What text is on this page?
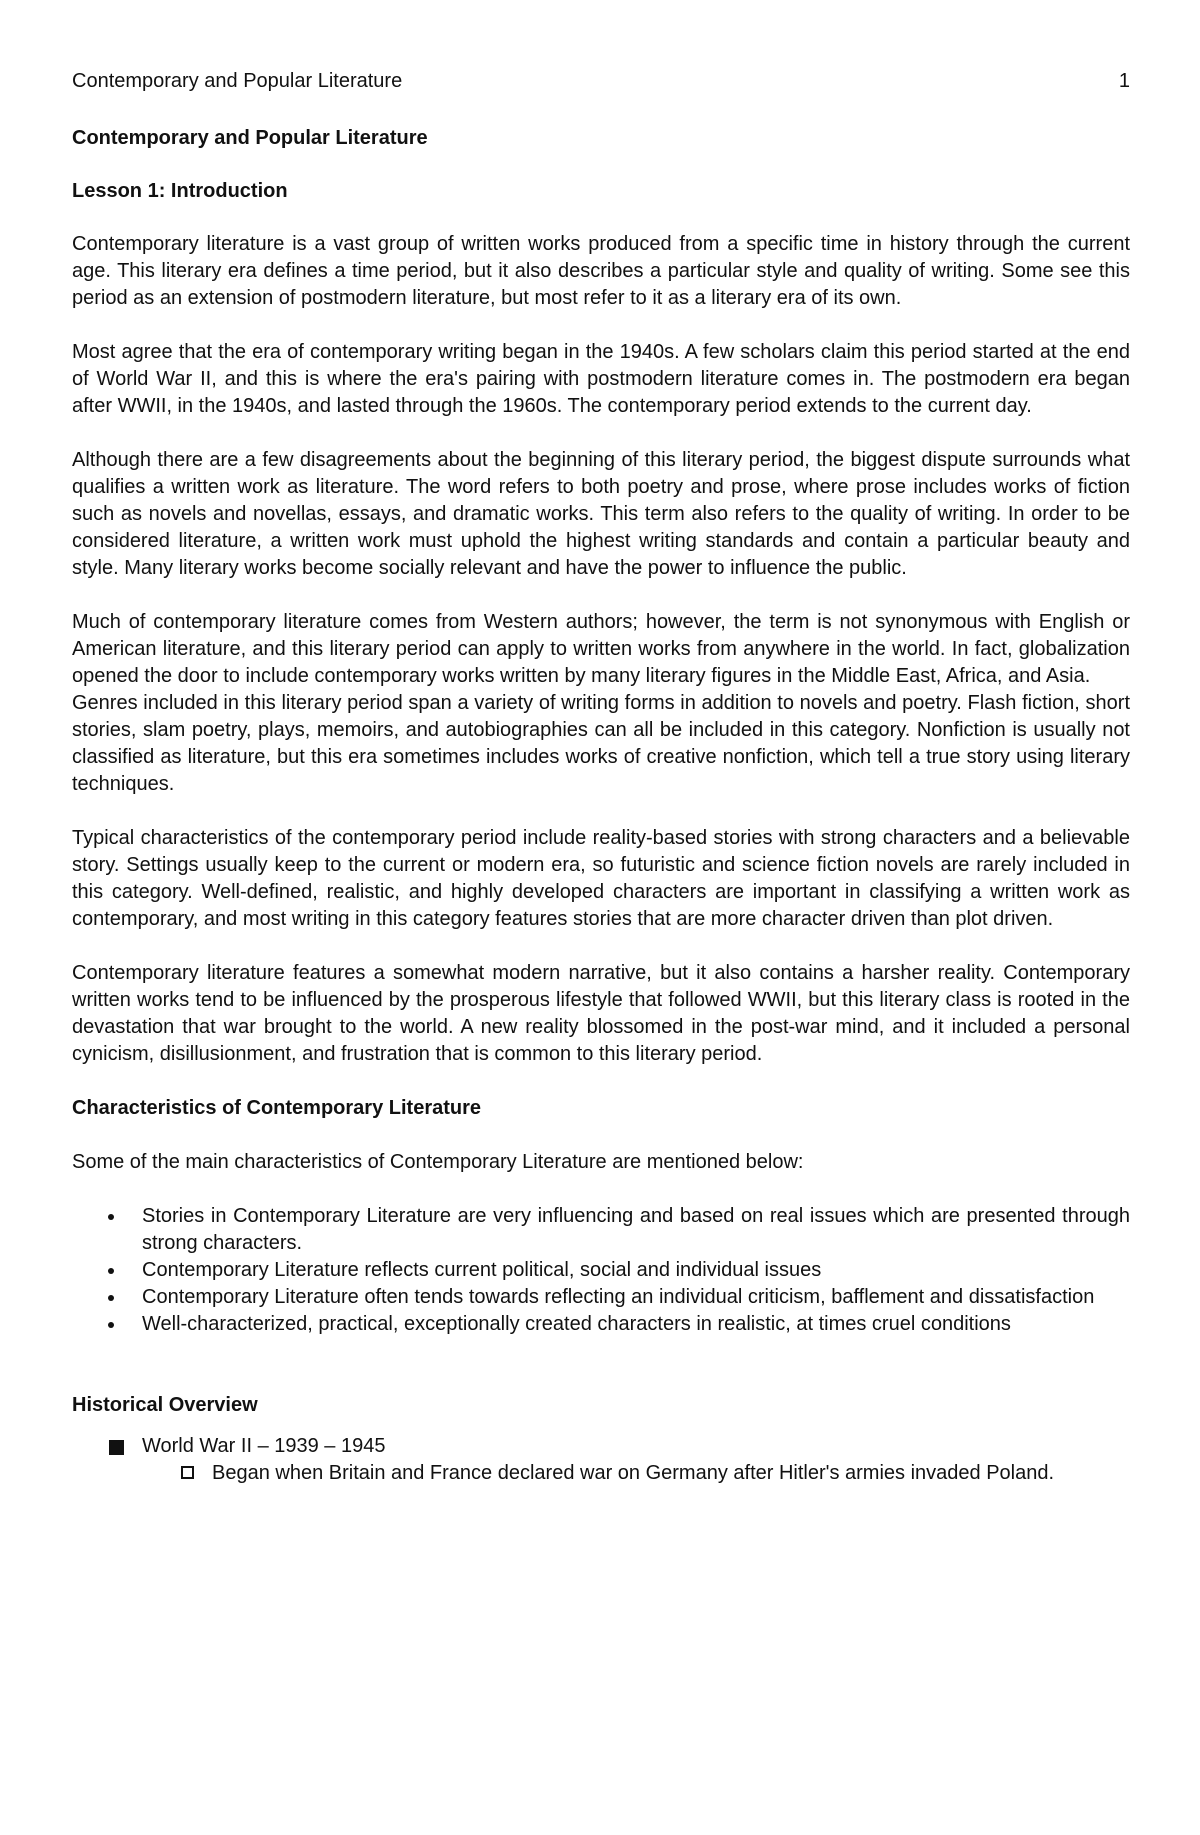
Contemporary and Popular Literature	1
Contemporary and Popular Literature
Lesson 1: Introduction

Contemporary literature is a vast group of written works produced from a specific time in history through the current age. This literary era defines a time period, but it also describes a particular style and quality of writing. Some see this period as an extension of postmodern literature, but most refer to it as a literary era of its own.

Most agree that the era of contemporary writing began in the 1940s. A few scholars claim this period started at the end of World War II, and this is where the era's pairing with postmodern literature comes in. The postmodern era began after WWII, in the 1940s, and lasted through the 1960s. The contemporary period extends to the current day.

Although there are a few disagreements about the beginning of this literary period, the biggest dispute surrounds what qualifies a written work as literature. The word refers to both poetry and prose, where prose includes works of fiction such as novels and novellas, essays, and dramatic works. This term also refers to the quality of writing. In order to be considered literature, a written work must uphold the highest writing standards and contain a particular beauty and style. Many literary works become socially relevant and have the power to influence the public.

Much of contemporary literature comes from Western authors; however, the term is not synonymous with English or American literature, and this literary period can apply to written works from anywhere in the world. In fact, globalization opened the door to include contemporary works written by many literary figures in the Middle East, Africa, and Asia.

Genres included in this literary period span a variety of writing forms in addition to novels and poetry. Flash fiction, short stories, slam poetry, plays, memoirs, and autobiographies can all be included in this category. Nonfiction is usually not classified as literature, but this era sometimes includes works of creative nonfiction, which tell a true story using literary techniques.

Typical characteristics of the contemporary period include reality-based stories with strong characters and a believable story. Settings usually keep to the current or modern era, so futuristic and science fiction novels are rarely included in this category. Well-defined, realistic, and highly developed characters are important in classifying a written work as contemporary, and most writing in this category features stories that are more character driven than plot driven.

Contemporary literature features a somewhat modern narrative, but it also contains a harsher reality. Contemporary written works tend to be influenced by the prosperous lifestyle that followed WWII, but this literary class is rooted in the devastation that war brought to the world. A new reality blossomed in the post-war mind, and it included a personal cynicism, disillusionment, and frustration that is common to this literary period.

Characteristics of Contemporary Literature

Some of the main characteristics of Contemporary Literature are mentioned below:

Stories in Contemporary Literature are very influencing and based on real issues which are presented through strong characters.
Contemporary Literature reflects current political, social and individual issues
Contemporary Literature often tends towards reflecting an individual criticism, bafflement and dissatisfaction
Well-characterized, practical, exceptionally created characters in realistic, at times cruel conditions
Historical Overview
World War II – 1939 – 1945
Began when Britain and France declared war on Germany after Hitler's armies invaded Poland.
